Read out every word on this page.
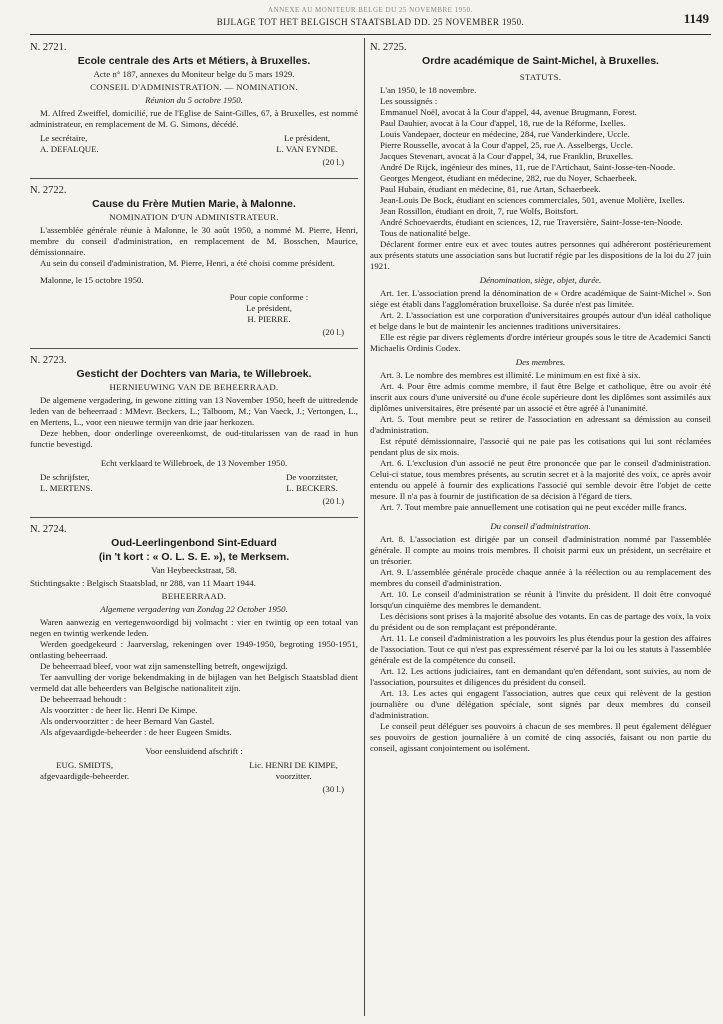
ANNEXE AU MONITEUR BELGE DU 25 NOVEMBRE 1950.
BIJLAGE TOT HET BELGISCH STAATSBLAD DD. 25 NOVEMBER 1950.	1149
N. 2721.
Ecole centrale des Arts et Métiers, à Bruxelles.
Acte n° 187, annexes du Moniteur belge du 5 mars 1929.
CONSEIL D'ADMINISTRATION. — NOMINATION.
Réunion du 5 octobre 1950.

M. Alfred Zweiffel, domicilié, rue de l'Eglise de Saint-Gilles, 67, à Bruxelles, est nommé administrateur, en remplacement de M. G. Simons, décédé.

Le secrétaire,
A. DEFALQUE.
Le président,
L. VAN EYNDE.
(20 l.)
N. 2722.
Cause du Frère Mutien Marie, à Malonne.
NOMINATION D'UN ADMINISTRATEUR.

L'assemblée générale réunie à Malonne, le 30 août 1950, a nommé M. Pierre, Henri, membre du conseil d'administration, en remplacement de M. Bosschen, Maurice, démissionnaire.

Au sein du conseil d'administration, M. Pierre, Henri, a été choisi comme président.

Malonne, le 15 octobre 1950.

Pour copie conforme :
Le président,
H. PIERRE.
(20 l.)
N. 2723.
Gesticht der Dochters van Maria, te Willebroek.
HERNIEUWING VAN DE BEHEERRAAD.

De algemene vergadering, in gewone zitting van 13 November 1950, heeft de uittredende leden van de beheerraad : MMevr. Beckers, L.; Talboom, M.; Van Vaeck, J.; Vertongen, L., en Mertens, L., voor een nieuwe termijn van drie jaar herkozen.

Deze hebben, door onderlinge overeenkomst, de oud-titularissen van de raad in hun functie bevestigd.

Echt verklaard te Willebroek, de 13 November 1950.
De schrijfster,
L. MERTENS.
De voorzitster,
L. BECKERS.
(20 l.)
N. 2724.
Oud-Leerlingenbond Sint-Eduard
(in 't kort : « O. L. S. E. »), te Merksem.
Van Heybeeckstraat, 58.

Stichtingsakte : Belgisch Staatsblad, nr 288, van 11 Maart 1944.

BEHEERRAAD.
Algemene vergadering van Zondag 22 October 1950.

Waren aanwezig en vertegenwoordigd bij volmacht : vier en twintig op een totaal van negen en twintig werkende leden.

Werden goedgekeurd : Jaarverslag, rekeningen over 1949-1950, begroting 1950-1951, ontlasting beheerraad.

De beheerraad bleef, voor wat zijn samenstelling betreft, ongewijzigd.

Ter aanvulling der vorige bekendmaking in de bijlagen van het Belgisch Staatsblad dient vermeld dat alle beheerders van Belgische nationaliteit zijn.

De beheerraad behoudt :

Als voorzitter : de heer lic. Henri De Kimpe.

Als ondervoorzitter : de heer Bernard Van Gastel.

Als afgevaardigde-beheerder : de heer Eugeen Smidts.

Voor eensluidend afschrift :
EUG. SMIDTS,
afgevaardigde-beheerder.
Lic. HENRI DE KIMPE,
voorzitter.
(30 l.)
N. 2725.
Ordre académique de Saint-Michel, à Bruxelles.
STATUTS.

L'an 1950, le 18 novembre.

Les soussignés :

Emmanuel Noël, avocat à la Cour d'appel, 44, avenue Brugmann, Forest.

Paul Dauhier, avocat à la Cour d'appel, 18, rue de la Réforme, Ixelles.

Louis Vandepaer, docteur en médecine, 284, rue Vanderkindere, Uccle.

Pierre Rousselle, avocat à la Cour d'appel, 25, rue A. Asselbergs, Uccle.

Jacques Stevenart, avocat à la Cour d'appel, 34, rue Franklin, Bruxelles.

André De Rijck, ingénieur des mines, 11, rue de l'Artichaut, Saint-Josse-ten-Noode.

Georges Mengeot, étudiant en médecine, 282, rue du Noyer, Schaerbeek.

Paul Hubain, étudiant en médecine, 81, rue Artan, Schaerbeek.

Jean-Louis De Bock, étudiant en sciences commerciales, 501, avenue Molière, Ixelles.

Jean Rossillon, étudiant en droit, 7, rue Wolfs, Boitsfort.

André Schoevaerdts, étudiant en sciences, 12, rue Traversière, Saint-Josse-ten-Noode.

Tous de nationalité belge.

Déclarent former entre eux et avec toutes autres personnes qui adhéreront postérieurement aux présents statuts une association sans but lucratif régie par les dispositions de la loi du 27 juin 1921.

Dénomination, siège, objet, durée.

Art. 1er. L'association prend la dénomination de « Ordre académique de Saint-Michel ». Son siège est établi dans l'agglomération bruxelloise. Sa durée n'est pas limitée.

Art. 2. L'association est une corporation d'universitaires groupés autour d'un idéal catholique et belge dans le but de maintenir les anciennes traditions universitaires.

Elle est régie par divers règlements d'ordre intérieur groupés sous le titre de Academici Sancti Michaelis Ordinis Codex.

Des membres.

Art. 3. Le nombre des membres est illimité. Le minimum en est fixé à six.

Art. 4. Pour être admis comme membre, il faut être Belge et catholique, être ou avoir été inscrit aux cours d'une université ou d'une école supérieure dont les diplômes sont assimilés aux diplômes universitaires, être présenté par un associé et être agréé à l'unanimité.

Art. 5. Tout membre peut se retirer de l'association en adressant sa démission au conseil d'administration.

Est réputé démissionnaire, l'associé qui ne paie pas les cotisations qui lui sont réclamées pendant plus de six mois.

Art. 6. L'exclusion d'un associé ne peut être prononcée que par le conseil d'administration. Celui-ci statue, tous membres présents, au scrutin secret et à la majorité des voix, ce après avoir entendu ou appelé à fournir des explications l'associé qui semble devoir être l'objet de cette mesure. Il n'a pas à fournir de justification de sa décision à l'égard de tiers.

Art. 7. Tout membre paie annuellement une cotisation qui ne peut excéder mille francs.

Du conseil d'administration.

Art. 8. L'association est dirigée par un conseil d'administration nommé par l'assemblée générale. Il compte au moins trois membres. Il choisit parmi eux un président, un secrétaire et un trésorier.

Art. 9. L'assemblée générale procède chaque année à la réélection ou au remplacement des membres du conseil d'administration.

Art. 10. Le conseil d'administration se réunit à l'invite du président. Il doit être convoqué lorsqu'un cinquième des membres le demandent.

Les décisions sont prises à la majorité absolue des votants. En cas de partage des voix, la voix du président ou de son remplaçant est prépondérante.

Art. 11. Le conseil d'administration a les pouvoirs les plus étendus pour la gestion des affaires de l'association. Tout ce qui n'est pas expressément réservé par la loi ou les statuts à l'assemblée générale est de la compétence du conseil.

Art. 12. Les actions judiciaires, tant en demandant qu'en défendant, sont suivies, au nom de l'association, poursuites et diligences du président du conseil.

Art. 13. Les actes qui engagent l'association, autres que ceux qui relèvent de la gestion journalière ou d'une délégation spéciale, sont signés par deux membres du conseil d'administration.

Le conseil peut déléguer ses pouvoirs à chacun de ses membres. Il peut également déléguer ses pouvoirs de gestion journalière à un comité de cinq associés, faisant ou non partie du conseil, agissant conjointement ou isolément.
